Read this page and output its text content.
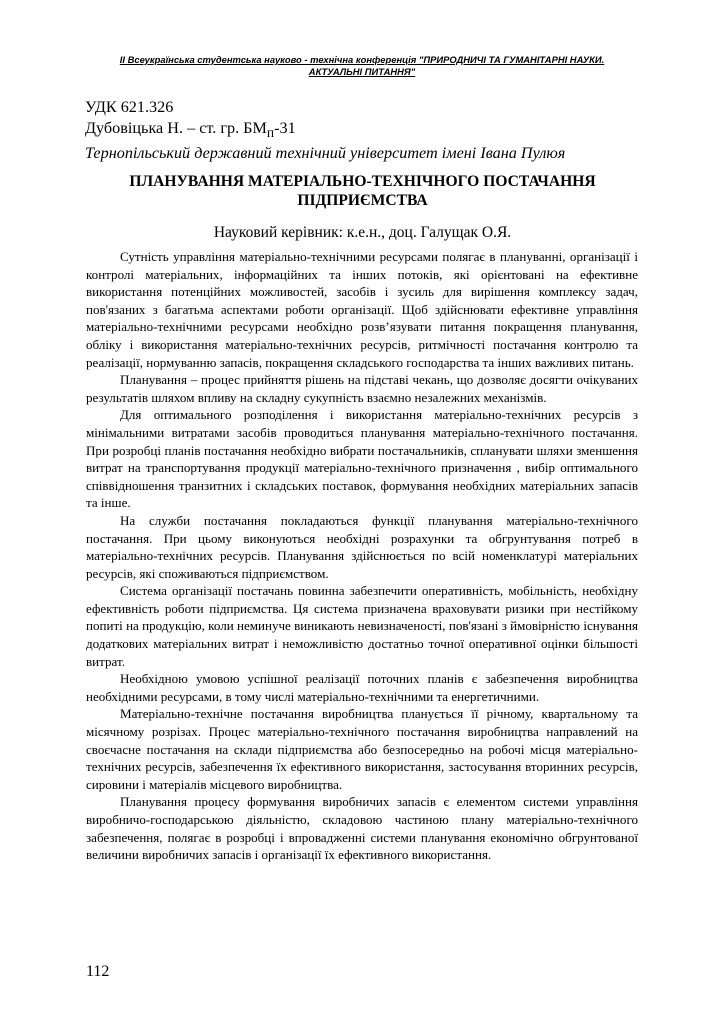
ІІ Всеукраїнська студентська науково - технічна конференція "ПРИРОДНИЧІ ТА ГУМАНІТАРНІ НАУКИ.
АКТУАЛЬНІ ПИТАННЯ"
УДК 621.326
Дубовіцька Н. – ст. гр. $БМ_п-31$
Тернопільський державний технічний університет імені Івана Пулюя
ПЛАНУВАННЯ МАТЕРІАЛЬНО-ТЕХНІЧНОГО ПОСТАЧАННЯ
ПІДПРИЄМСТВА
Науковий керівник: к.е.н., доц. Галущак О.Я.

Сутність управління матеріально-технічними ресурсами полягає в плануванні, організації і контролі матеріальних, інформаційних та інших потоків, які орієнтовані на ефективне використання потенційних можливостей, засобів і зусиль для вирішення комплексу задач, пов'язаних з багатьма аспектами роботи організації. Щоб здійснювати ефективне управління матеріально-технічними ресурсами необхідно розв’язувати питання покращення планування, обліку і використання матеріально-технічних ресурсів, ритмічності постачання контролю та реалізації, нормуванню запасів, покращення складського господарства та інших важливих питань.

Планування – процес прийняття рішень на підставі чекань, що дозволяє досягти очікуваних результатів шляхом впливу на складну сукупність взаємно незалежних механізмів.

Для оптимального розподілення і використання матеріально-технічних ресурсів з мінімальними витратами засобів проводиться планування матеріально-технічного постачання. При розробці планів постачання необхідно вибрати постачальників, спланувати шляхи зменшення витрат на транспортування продукції матеріально-технічного призначення , вибір оптимального співвідношення транзитних і складських поставок, формування необхідних матеріальних запасів та інше.

На служби постачання покладаються функції планування матеріально-технічного постачання. При цьому виконуються необхідні розрахунки та обгрунтування потреб в матеріально-технічних ресурсів. Планування здійснюється по всій номенклатурі матеріальних ресурсів, які споживаються підприємством.

Система організації постачань повинна забезпечити оперативність, мобільність, необхідну ефективність роботи підприємства. Ця система призначена враховувати ризики при нестійкому попиті на продукцію, коли неминуче виникають невизначеності, пов'язані з ймовірністю існування додаткових матеріальних витрат і неможливістю достатньо точної оперативної оцінки більшості витрат.

Необхідною умовою успішної реалізації поточних планів є забезпечення виробництва необхідними ресурсами, в тому числі матеріально-технічними та енергетичними.

Матеріально-технічне постачання виробництва планується її річному, квартальному та місячному розрізах. Процес матеріально-технічного постачання виробництва направлений на своєчасне постачання на склади підприємства або безпосередньо на робочі місця матеріально-технічних ресурсів, забезпечення їх ефективного використання, застосування вторинних ресурсів, сировини і матеріалів місцевого виробництва.

Планування процесу формування виробничих запасів є елементом системи управління виробничо-господарською діяльністю, складовою частиною плану матеріально-технічного забезпечення, полягає в розробці і впровадженні системи планування економічно обгрунтованої величини виробничих запасів і організації їх ефективного використання.

112
